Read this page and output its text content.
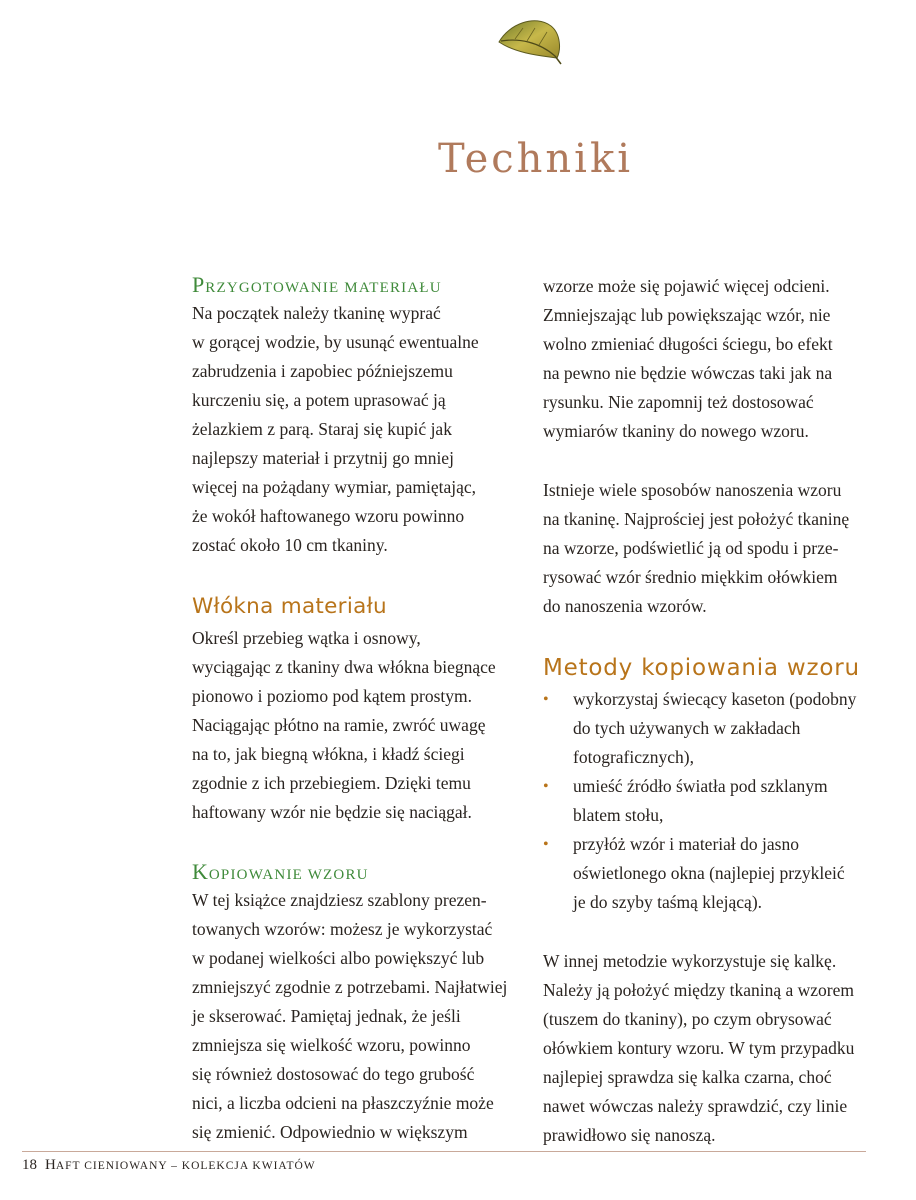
Techniki
PRZYGOTOWANIE MATERIAŁU
Na początek należy tkaninę wyprać
w gorącej wodzie, by usunąć ewentualne
zabrudzenia i zapobiec późniejszemu
kurczeniu się, a potem uprasować ją
żelazkiem z parą. Staraj się kupić jak
najlepszy materiał i przytnij go mniej
więcej na pożądany wymiar, pamiętając,
że wokół haftowanego wzoru powinno
zostać około 10 cm tkaniny.
Włókna materiału
Określ przebieg wątka i osnowy,
wyciągając z tkaniny dwa włókna biegnące
pionowo i poziomo pod kątem prostym.
Naciągając płótno na ramie, zwróć uwagę
na to, jak biegną włókna, i kładź ściegi
zgodnie z ich przebiegiem. Dzięki temu
haftowany wzór nie będzie się naciągał.
KOPIOWANIE WZORU
W tej książce znajdziesz szablony prezen-
towanych wzorów: możesz je wykorzystać
w podanej wielkości albo powiększyć lub
zmniejszyć zgodnie z potrzebami. Najłatwiej
je skserować. Pamiętaj jednak, że jeśli
zmniejsza się wielkość wzoru, powinno
się również dostosować do tego grubość
nici, a liczba odcieni na płaszczyźnie może
się zmienić. Odpowiednio w większym
wzorze może się pojawić więcej odcieni.
Zmniejszając lub powiększając wzór, nie
wolno zmieniać długości ściegu, bo efekt
na pewno nie będzie wówczas taki jak na
rysunku. Nie zapomnij też dostosować
wymiarów tkaniny do nowego wzoru.
Istnieje wiele sposobów nanoszenia wzoru
na tkaninę. Najprościej jest położyć tkaninę
na wzorze, podświetlić ją od spodu i prze-
rysować wzór średnio miękkim ołówkiem
do nanoszenia wzorów.
Metody kopiowania wzoru
• wykorzystaj świecący kaseton (podobny
do tych używanych w zakładach
fotograficznych),
• umieść źródło światła pod szklanym
blatem stołu,
• przyłóż wzór i materiał do jasno
oświetlonego okna (najlepiej przykleić
je do szyby taśmą klejącą).
W innej metodzie wykorzystuje się kalkę.
Należy ją położyć między tkaniną a wzorem
(tuszem do tkaniny), po czym obrysować
ołówkiem kontury wzoru. W tym przypadku
najlepiej sprawdza się kalka czarna, choć
nawet wówczas należy sprawdzić, czy linie
prawidłowo się nanoszą.
18 HAFT CIENIOWANY – KOLEKCJA KWIATÓW
